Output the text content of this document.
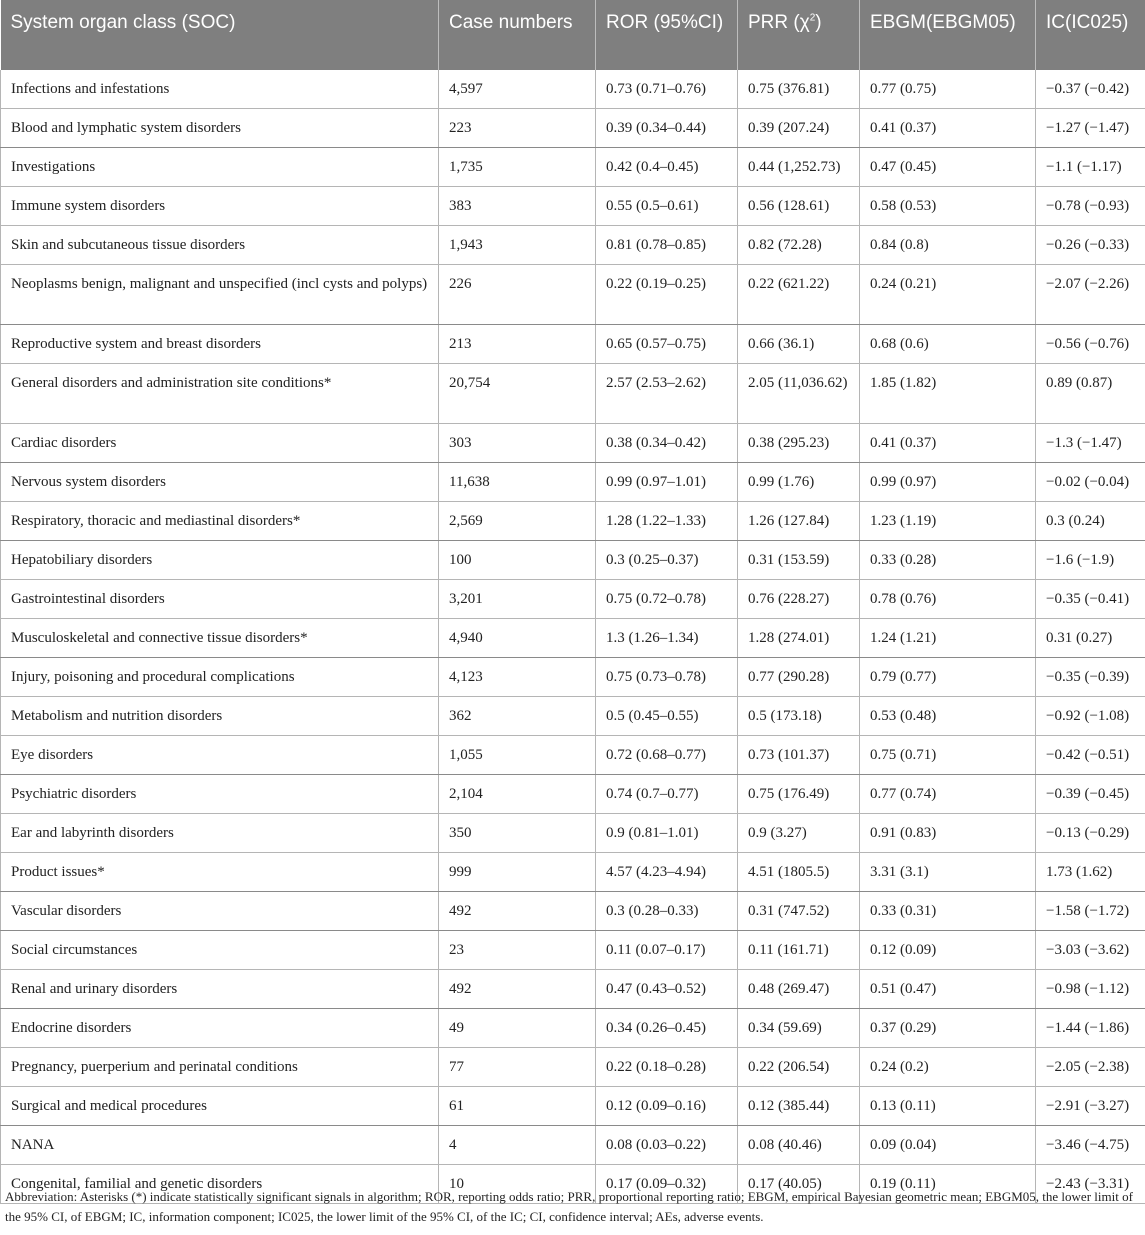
System organ class (SOC)	Case numbers	ROR (95%CI)	PRR $(\chi^2)$	EBGM(EBGM05)	IC(IC025)
Infections and infestations	4,597	0.73 (0.71–0.76)	0.75 (376.81)	0.77 (0.75)	−0.37 (−0.42)
Blood and lymphatic system disorders	223	0.39 (0.34–0.44)	0.39 (207.24)	0.41 (0.37)	−1.27 (−1.47)
Investigations	1,735	0.42 (0.4–0.45)	0.44 (1,252.73)	0.47 (0.45)	−1.1 (−1.17)
Immune system disorders	383	0.55 (0.5–0.61)	0.56 (128.61)	0.58 (0.53)	−0.78 (−0.93)
Skin and subcutaneous tissue disorders	1,943	0.81 (0.78–0.85)	0.82 (72.28)	0.84 (0.8)	−0.26 (−0.33)
Neoplasms benign, malignant and unspecified (incl cysts and polyps)	226	0.22 (0.19–0.25)	0.22 (621.22)	0.24 (0.21)	−2.07 (−2.26)
Reproductive system and breast disorders	213	0.65 (0.57–0.75)	0.66 (36.1)	0.68 (0.6)	−0.56 (−0.76)
General disorders and administration site conditions*	20,754	2.57 (2.53–2.62)	2.05 (11,036.62)	1.85 (1.82)	0.89 (0.87)
Cardiac disorders	303	0.38 (0.34–0.42)	0.38 (295.23)	0.41 (0.37)	−1.3 (−1.47)
Nervous system disorders	11,638	0.99 (0.97–1.01)	0.99 (1.76)	0.99 (0.97)	−0.02 (−0.04)
Respiratory, thoracic and mediastinal disorders*	2,569	1.28 (1.22–1.33)	1.26 (127.84)	1.23 (1.19)	0.3 (0.24)
Hepatobiliary disorders	100	0.3 (0.25–0.37)	0.31 (153.59)	0.33 (0.28)	−1.6 (−1.9)
Gastrointestinal disorders	3,201	0.75 (0.72–0.78)	0.76 (228.27)	0.78 (0.76)	−0.35 (−0.41)
Musculoskeletal and connective tissue disorders*	4,940	1.3 (1.26–1.34)	1.28 (274.01)	1.24 (1.21)	0.31 (0.27)
Injury, poisoning and procedural complications	4,123	0.75 (0.73–0.78)	0.77 (290.28)	0.79 (0.77)	−0.35 (−0.39)
Metabolism and nutrition disorders	362	0.5 (0.45–0.55)	0.5 (173.18)	0.53 (0.48)	−0.92 (−1.08)
Eye disorders	1,055	0.72 (0.68–0.77)	0.73 (101.37)	0.75 (0.71)	−0.42 (−0.51)
Psychiatric disorders	2,104	0.74 (0.7–0.77)	0.75 (176.49)	0.77 (0.74)	−0.39 (−0.45)
Ear and labyrinth disorders	350	0.9 (0.81–1.01)	0.9 (3.27)	0.91 (0.83)	−0.13 (−0.29)
Product issues*	999	4.57 (4.23–4.94)	4.51 (1805.5)	3.31 (3.1)	1.73 (1.62)
Vascular disorders	492	0.3 (0.28–0.33)	0.31 (747.52)	0.33 (0.31)	−1.58 (−1.72)
Social circumstances	23	0.11 (0.07–0.17)	0.11 (161.71)	0.12 (0.09)	−3.03 (−3.62)
Renal and urinary disorders	492	0.47 (0.43–0.52)	0.48 (269.47)	0.51 (0.47)	−0.98 (−1.12)
Endocrine disorders	49	0.34 (0.26–0.45)	0.34 (59.69)	0.37 (0.29)	−1.44 (−1.86)
Pregnancy, puerperium and perinatal conditions	77	0.22 (0.18–0.28)	0.22 (206.54)	0.24 (0.2)	−2.05 (−2.38)
Surgical and medical procedures	61	0.12 (0.09–0.16)	0.12 (385.44)	0.13 (0.11)	−2.91 (−3.27)
NANA	4	0.08 (0.03–0.22)	0.08 (40.46)	0.09 (0.04)	−3.46 (−4.75)
Congenital, familial and genetic disorders	10	0.17 (0.09–0.32)	0.17 (40.05)	0.19 (0.11)	−2.43 (−3.31)
Abbreviation: Asterisks (*) indicate statistically significant signals in algorithm; ROR, reporting odds ratio; PRR, proportional reporting ratio; EBGM, empirical Bayesian geometric mean; EBGM05, the lower limit of the 95% CI, of EBGM; IC, information component; IC025, the lower limit of the 95% CI, of the IC; CI, confidence interval; AEs, adverse events.
